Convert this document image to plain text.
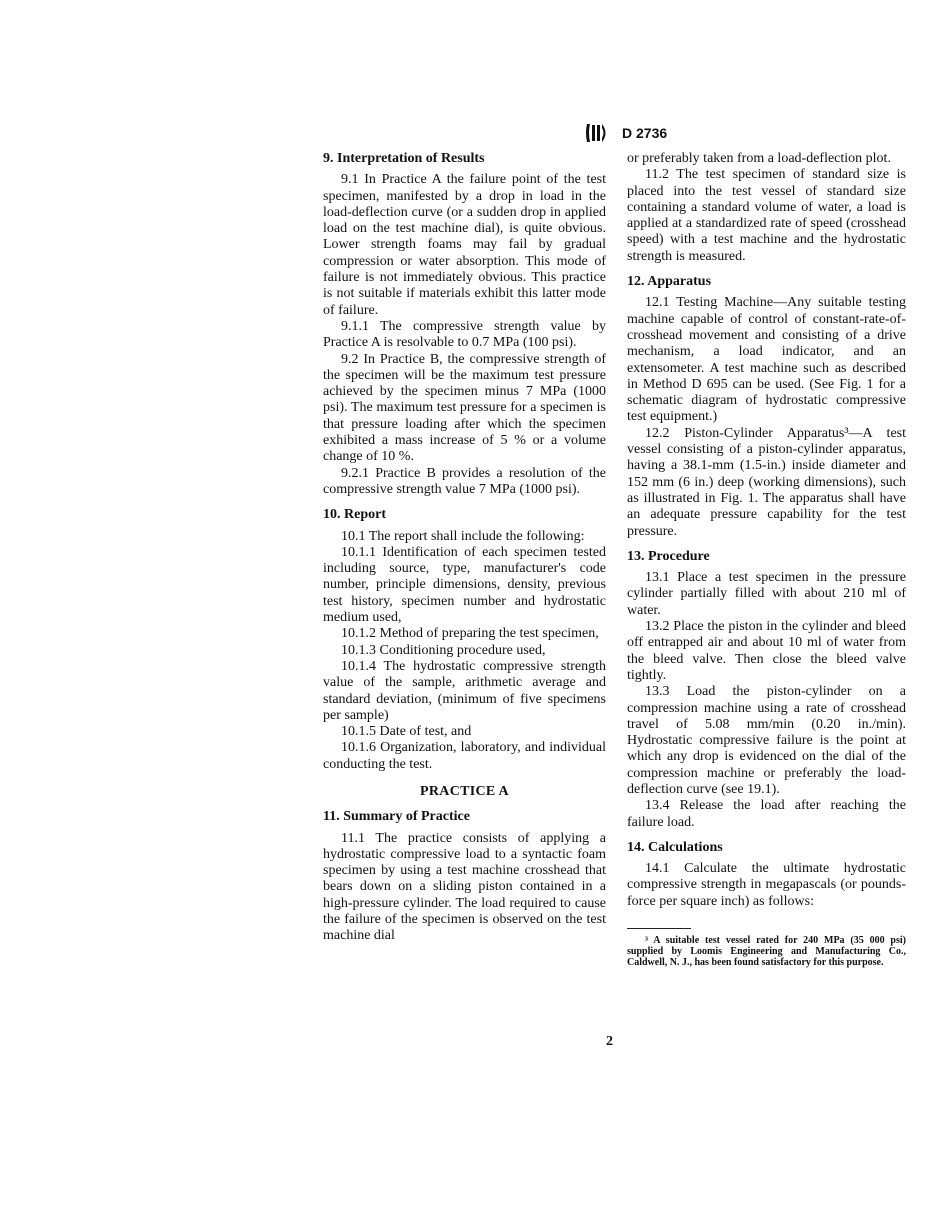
D 2736
9. Interpretation of Results

9.1 In Practice A the failure point of the test specimen, manifested by a drop in load in the load-deflection curve (or a sudden drop in applied load on the test machine dial), is quite obvious. Lower strength foams may fail by gradual compression or water absorption. This mode of failure is not immediately obvious. This practice is not suitable if materials exhibit this latter mode of failure.

9.1.1 The compressive strength value by Practice A is resolvable to 0.7 MPa (100 psi).

9.2 In Practice B, the compressive strength of the specimen will be the maximum test pressure achieved by the specimen minus 7 MPa (1000 psi). The maximum test pressure for a specimen is that pressure loading after which the specimen exhibited a mass increase of 5 % or a volume change of 10 %.

9.2.1 Practice B provides a resolution of the compressive strength value 7 MPa (1000 psi).

10. Report

10.1 The report shall include the following:

10.1.1 Identification of each specimen tested including source, type, manufacturer's code number, principle dimensions, density, previous test history, specimen number and hydrostatic medium used,

10.1.2 Method of preparing the test specimen,

10.1.3 Conditioning procedure used,

10.1.4 The hydrostatic compressive strength value of the sample, arithmetic average and standard deviation, (minimum of five specimens per sample)

10.1.5 Date of test, and

10.1.6 Organization, laboratory, and individual conducting the test.

PRACTICE A

11. Summary of Practice

11.1 The practice consists of applying a hydrostatic compressive load to a syntactic foam specimen by using a test machine crosshead that bears down on a sliding piston contained in a high-pressure cylinder. The load required to cause the failure of the specimen is observed on the test machine dial

or preferably taken from a load-deflection plot.

11.2 The test specimen of standard size is placed into the test vessel of standard size containing a standard volume of water, a load is applied at a standardized rate of speed (crosshead speed) with a test machine and the hydrostatic strength is measured.

12. Apparatus

12.1 Testing Machine—Any suitable testing machine capable of control of constant-rate-of-crosshead movement and consisting of a drive mechanism, a load indicator, and an extensometer. A test machine such as described in Method D 695 can be used. (See Fig. 1 for a schematic diagram of hydrostatic compressive test equipment.)

12.2 Piston-Cylinder Apparatus³—A test vessel consisting of a piston-cylinder apparatus, having a 38.1-mm (1.5-in.) inside diameter and 152 mm (6 in.) deep (working dimensions), such as illustrated in Fig. 1. The apparatus shall have an adequate pressure capability for the test pressure.

13. Procedure

13.1 Place a test specimen in the pressure cylinder partially filled with about 210 ml of water.

13.2 Place the piston in the cylinder and bleed off entrapped air and about 10 ml of water from the bleed valve. Then close the bleed valve tightly.

13.3 Load the piston-cylinder on a compression machine using a rate of crosshead travel of 5.08 mm/min (0.20 in./min). Hydrostatic compressive failure is the point at which any drop is evidenced on the dial of the compression machine or preferably the load-deflection curve (see 19.1).

13.4 Release the load after reaching the failure load.

14. Calculations

14.1 Calculate the ultimate hydrostatic compressive strength in megapascals (or pounds-force per square inch) as follows:

³ A suitable test vessel rated for 240 MPa (35 000 psi) supplied by Loomis Engineering and Manufacturing Co., Caldwell, N. J., has been found satisfactory for this purpose.

2
